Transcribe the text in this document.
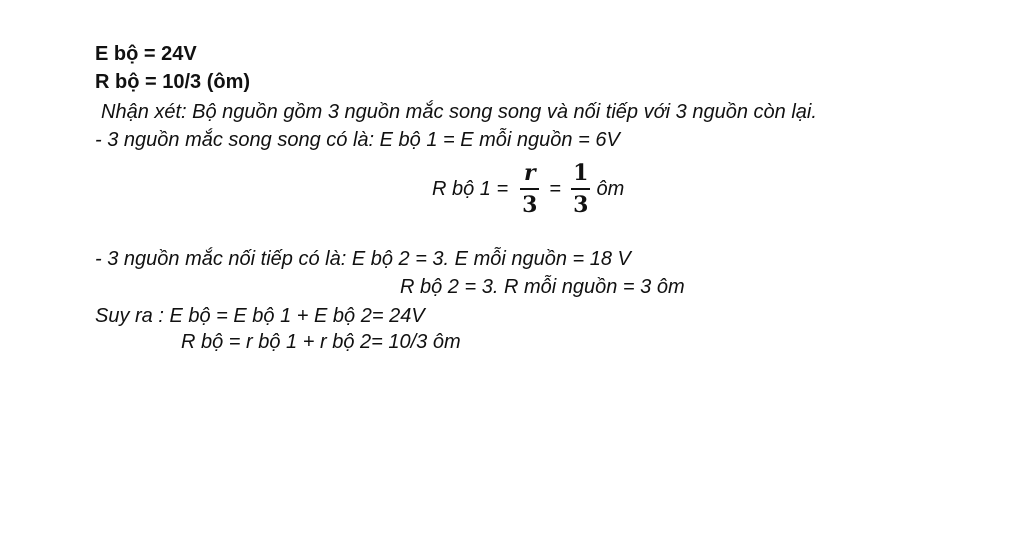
E bộ = 24V
R bộ = 10/3 (ôm)
Nhận xét: Bộ nguồn gồm 3 nguồn mắc song song và nối tiếp với 3 nguồn còn lại.
- 3 nguồn mắc song song có là: E bộ 1 = E mỗi nguồn = 6V
R bộ $1 = \frac{r}{3} = \frac{1}{3}$ ôm
- 3 nguồn mắc nối tiếp có là: E bộ 2 = 3. E mỗi nguồn = 18 V
R bộ 2 = 3. R mỗi nguồn = 3 ôm
Suy ra : E bộ = E bộ 1 + E bộ 2= 24V
R bộ = r bộ 1 + r bộ 2= 10/3 ôm
